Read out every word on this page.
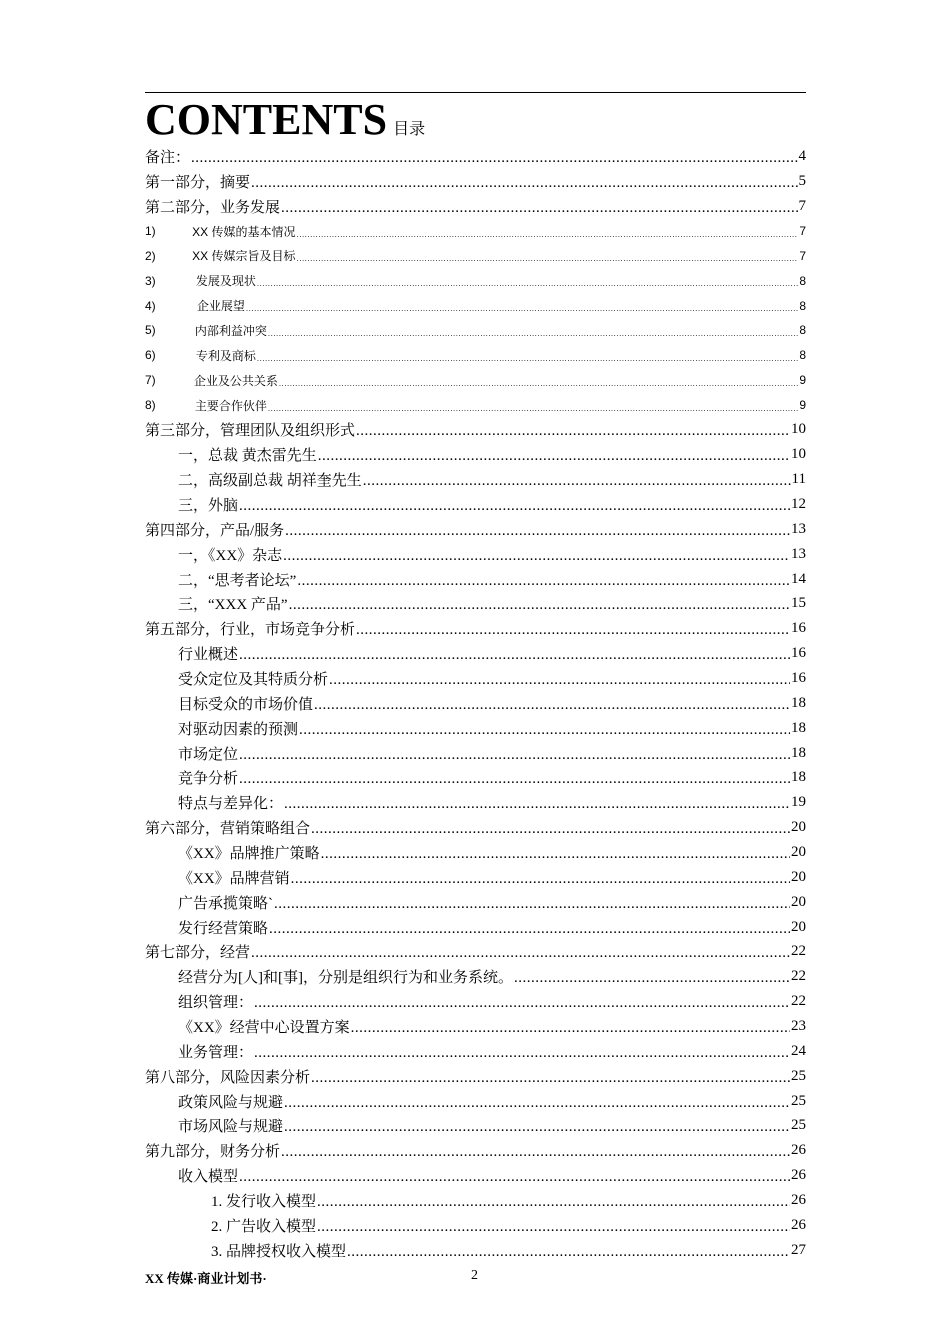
CONTENTS 目录
备注： .....	4
第一部分，摘要 .....	5
第二部分，业务发展 .....	7
1)	XX 传媒的基本情况 .....	7
2)	XX 传媒宗旨及目标 .....	7
3)	发展及现状 .....	8
4)	企业展望 .....	8
5)	内部利益冲突 .....	8
6)	专利及商标 .....	8
7)	企业及公共关系 .....	9
8)	主要合作伙伴 .....	9
第三部分，管理团队及组织形式 .....	10
一，总裁 黄杰雷先生 .....	10
二，高级副总裁 胡祥奎先生 .....	11
三，外脑 .....	12
第四部分，产品/服务 .....	13
一，《XX》杂志 .....	13
二，“思考者论坛” .....	14
三，“XXX 产品” .....	15
第五部分，行业，市场竞争分析 .....	16
行业概述 .....	16
受众定位及其特质分析 .....	16
目标受众的市场价值 .....	18
对驱动因素的预测 .....	18
市场定位 .....	18
竞争分析 .....	18
特点与差异化： .....	19
第六部分，营销策略组合 .....	20
《XX》品牌推广策略 .....	20
《XX》品牌营销 .....	20
广告承揽策略` .....	20
发行经营策略 .....	20
第七部分，经营 .....	22
经营分为[人]和[事]，分别是组织行为和业务系统。 .....	22
组织管理： .....	22
《XX》经营中心设置方案 .....	23
业务管理： .....	24
第八部分，风险因素分析 .....	25
政策风险与规避 .....	25
市场风险与规避 .....	25
第九部分，财务分析 .....	26
收入模型 .....	26
1. 发行收入模型 .....	26
2. 广告收入模型 .....	26
3. 品牌授权收入模型 .....	27
XX 传媒·商业计划书·	2
